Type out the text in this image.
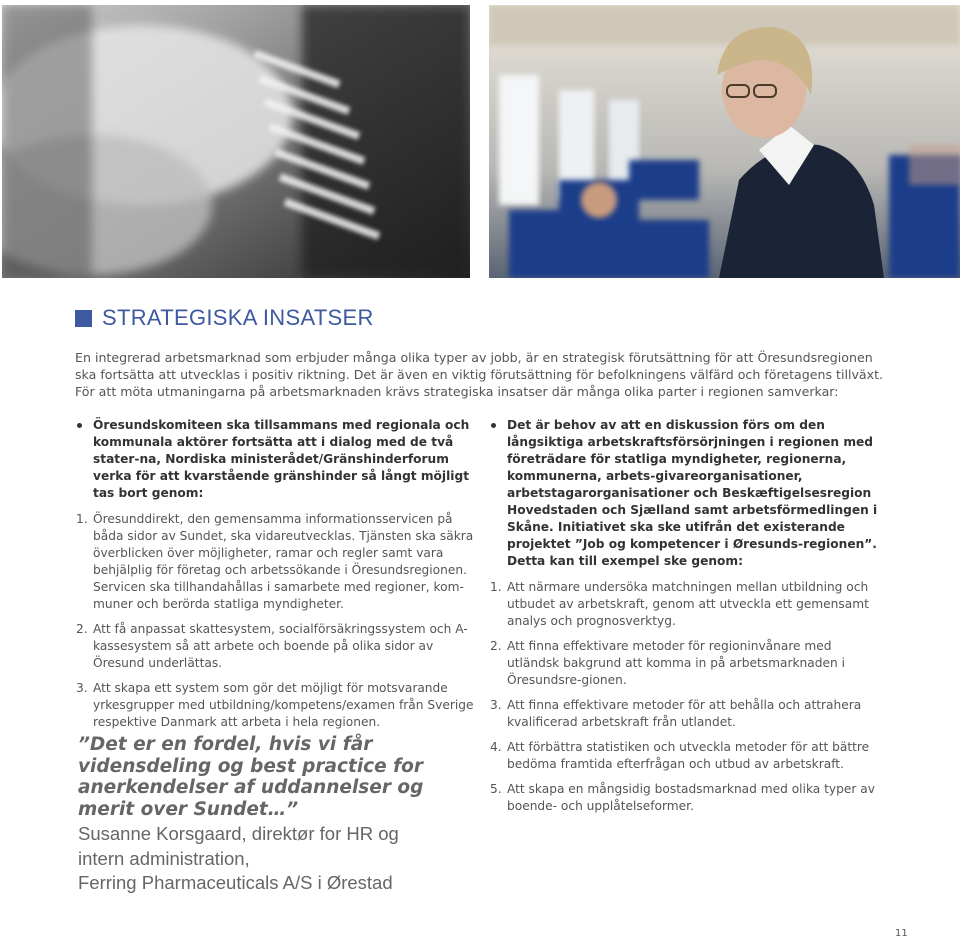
STRATEGISKA INSATSER
En integrerad arbetsmarknad som erbjuder många olika typer av jobb, är en strategisk förutsättning för att Öresundsregionen ska fortsätta att utvecklas i positiv riktning. Det är även en viktig förutsättning för befolkningens välfärd och företagens tillväxt. För att möta utmaningarna på arbetsmarknaden krävs strategiska insatser där många olika parter i regionen samverkar:
Öresundskomiteen ska tillsammans med regionala och kommunala aktörer fortsätta att i dialog med de två stater-na, Nordiska ministerådet/Gränshinderforum verka för att kvarstående gränshinder så långt möjligt tas bort genom:
1. Öresunddirekt, den gemensamma informationsservicen på båda sidor av Sundet, ska vidareutvecklas. Tjänsten ska säkra överblicken över möjligheter, ramar och regler samt vara behjälplig för företag och arbetssökande i Öresundsregionen. Servicen ska tillhandahållas i samarbete med regioner, kom-muner och berörda statliga myndigheter.
2. Att få anpassat skattesystem, socialförsäkringssystem och A-kassesystem så att arbete och boende på olika sidor av Öresund underlättas.
3. Att skapa ett system som gör det möjligt för motsvarande yrkesgrupper med utbildning/kompetens/examen från Sverige respektive Danmark att arbeta i hela regionen.
”Det er en fordel, hvis vi får vidensdeling og best practice for anerkendelser af uddannelser og merit over Sundet…”
Susanne Korsgaard, direktør for HR og
intern administration,
Ferring Pharmaceuticals A/S i Ørestad
Det är behov av att en diskussion förs om den långsiktiga arbetskraftsförsörjningen i regionen med företrädare för statliga myndigheter, regionerna, kommunerna, arbets-givareorganisationer, arbetstagarorganisationer och Beskæftigelsesregion Hovedstaden och Sjælland samt arbetsförmedlingen i Skåne. Initiativet ska ske utifrån det existerande projektet ”Job og kompetencer i Øresunds-regionen”. Detta kan till exempel ske genom:
1. Att närmare undersöka matchningen mellan utbildning och utbudet av arbetskraft, genom att utveckla ett gemensamt analys och prognosverktyg.
2. Att finna effektivare metoder för regioninvånare med utländsk bakgrund att komma in på arbetsmarknaden i Öresundsre-gionen.
3. Att finna effektivare metoder för att behålla och attrahera kvalificerad arbetskraft från utlandet.
4. Att förbättra statistiken och utveckla metoder för att bättre bedöma framtida efterfrågan och utbud av arbetskraft.
5. Att skapa en mångsidig bostadsmarknad med olika typer av boende- och upplåtelseformer.
11
